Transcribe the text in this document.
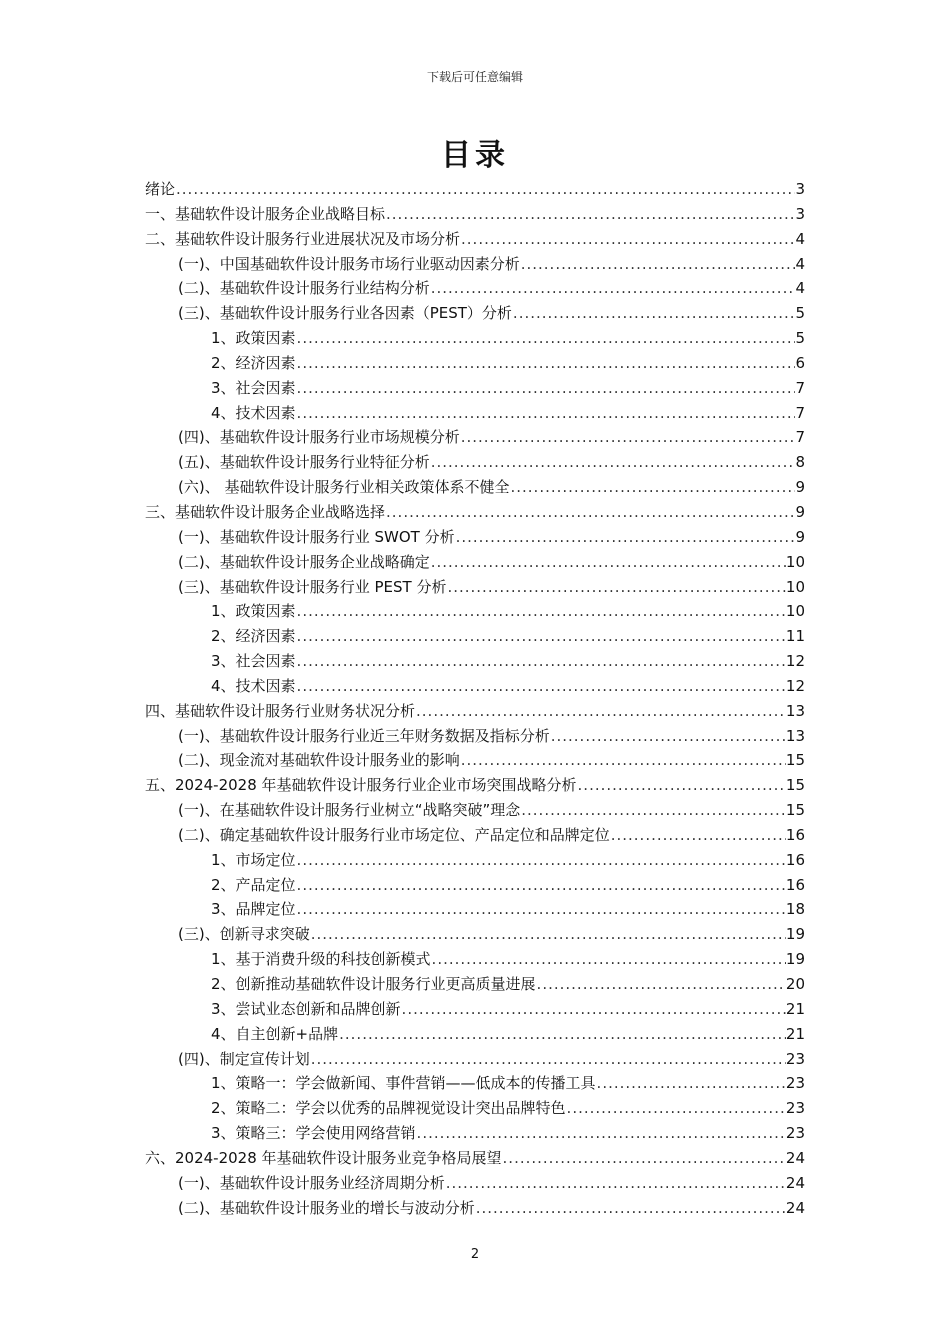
下载后可任意编辑
目录
绪论 .....	3
一、基础软件设计服务企业战略目标 .....	3
二、基础软件设计服务行业进展状况及市场分析 .....	4
(一)、中国基础软件设计服务市场行业驱动因素分析 .....	4
(二)、基础软件设计服务行业结构分析 .....	4
(三)、基础软件设计服务行业各因素（PEST）分析 .....	5
1、政策因素 .....	5
2、经济因素 .....	6
3、社会因素 .....	7
4、技术因素 .....	7
(四)、基础软件设计服务行业市场规模分析 .....	7
(五)、基础软件设计服务行业特征分析 .....	8
(六)、 基础软件设计服务行业相关政策体系不健全 .....	9
三、基础软件设计服务企业战略选择 .....	9
(一)、基础软件设计服务行业 SWOT 分析 .....	9
(二)、基础软件设计服务企业战略确定 .....	10
(三)、基础软件设计服务行业 PEST 分析 .....	10
1、政策因素 .....	10
2、经济因素 .....	11
3、社会因素 .....	12
4、技术因素 .....	12
四、基础软件设计服务行业财务状况分析 .....	13
(一)、基础软件设计服务行业近三年财务数据及指标分析 .....	13
(二)、现金流对基础软件设计服务业的影响 .....	15
五、2024-2028 年基础软件设计服务行业企业市场突围战略分析 .....	15
(一)、在基础软件设计服务行业树立“战略突破”理念 .....	15
(二)、确定基础软件设计服务行业市场定位、产品定位和品牌定位 .....	16
1、市场定位 .....	16
2、产品定位 .....	16
3、品牌定位 .....	18
(三)、创新寻求突破 .....	19
1、基于消费升级的科技创新模式 .....	19
2、创新推动基础软件设计服务行业更高质量进展 .....	20
3、尝试业态创新和品牌创新 .....	21
4、自主创新+品牌 .....	21
(四)、制定宣传计划 .....	23
1、策略一：学会做新闻、事件营销——低成本的传播工具 .....	23
2、策略二：学会以优秀的品牌视觉设计突出品牌特色 .....	23
3、策略三：学会使用网络营销 .....	23
六、2024-2028 年基础软件设计服务业竞争格局展望 .....	24
(一)、基础软件设计服务业经济周期分析 .....	24
(二)、基础软件设计服务业的增长与波动分析 .....	24
2
